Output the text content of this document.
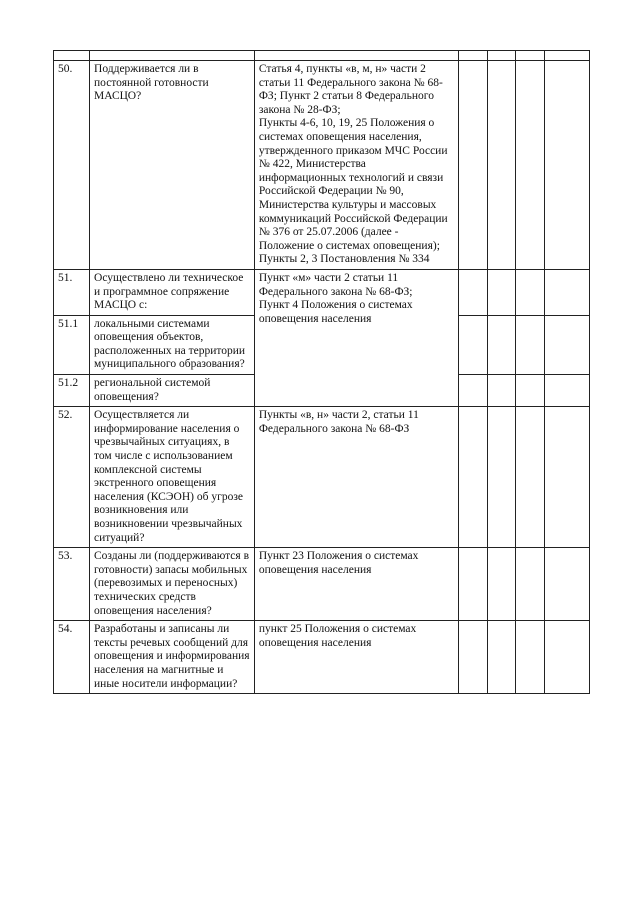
50.	Поддерживается ли в постоянной готовности МАСЦО?	Статья 4, пункты «в, м, н» части 2 статьи 11 Федерального закона № 68-ФЗ; Пункт 2 статьи 8 Федерального закона № 28-ФЗ;
Пункты 4-6, 10, 19, 25 Положения о системах оповещения населения, утвержденного приказом МЧС России № 422, Министерства информационных технологий и связи Российской Федерации № 90, Министерства культуры и массовых коммуникаций Российской Федерации № 376 от 25.07.2006 (далее - Положение о системах оповещения);
Пункты 2, 3 Постановления № 334				

51.	Осуществлено ли техническое и программное сопряжение МАСЦО с:	Пункт «м» части 2 статьи 11 Федерального закона № 68-ФЗ;
Пункт 4 Положения о системах оповещения населения				

51.1	локальными системами оповещения объектов, расположенных на территории муниципального образования?					
51.2	региональной системой оповещения?					
52.	Осуществляется ли информирование населения о чрезвычайных ситуациях, в том числе с использованием комплексной системы экстренного оповещения населения (КСЭОН) об угрозе возникновения или возникновении чрезвычайных ситуаций?	Пункты «в, н» части 2, статьи 11 Федерального закона № 68-ФЗ				

53.	Созданы ли (поддерживаются в готовности) запасы мобильных (перевозимых и переносных) технических средств оповещения населения?	Пункт 23 Положения о системах оповещения населения				

54.	Разработаны и записаны ли тексты речевых сообщений для оповещения и информирования населения на магнитные и иные носители информации?	пункт 25 Положения о системах оповещения населения				
